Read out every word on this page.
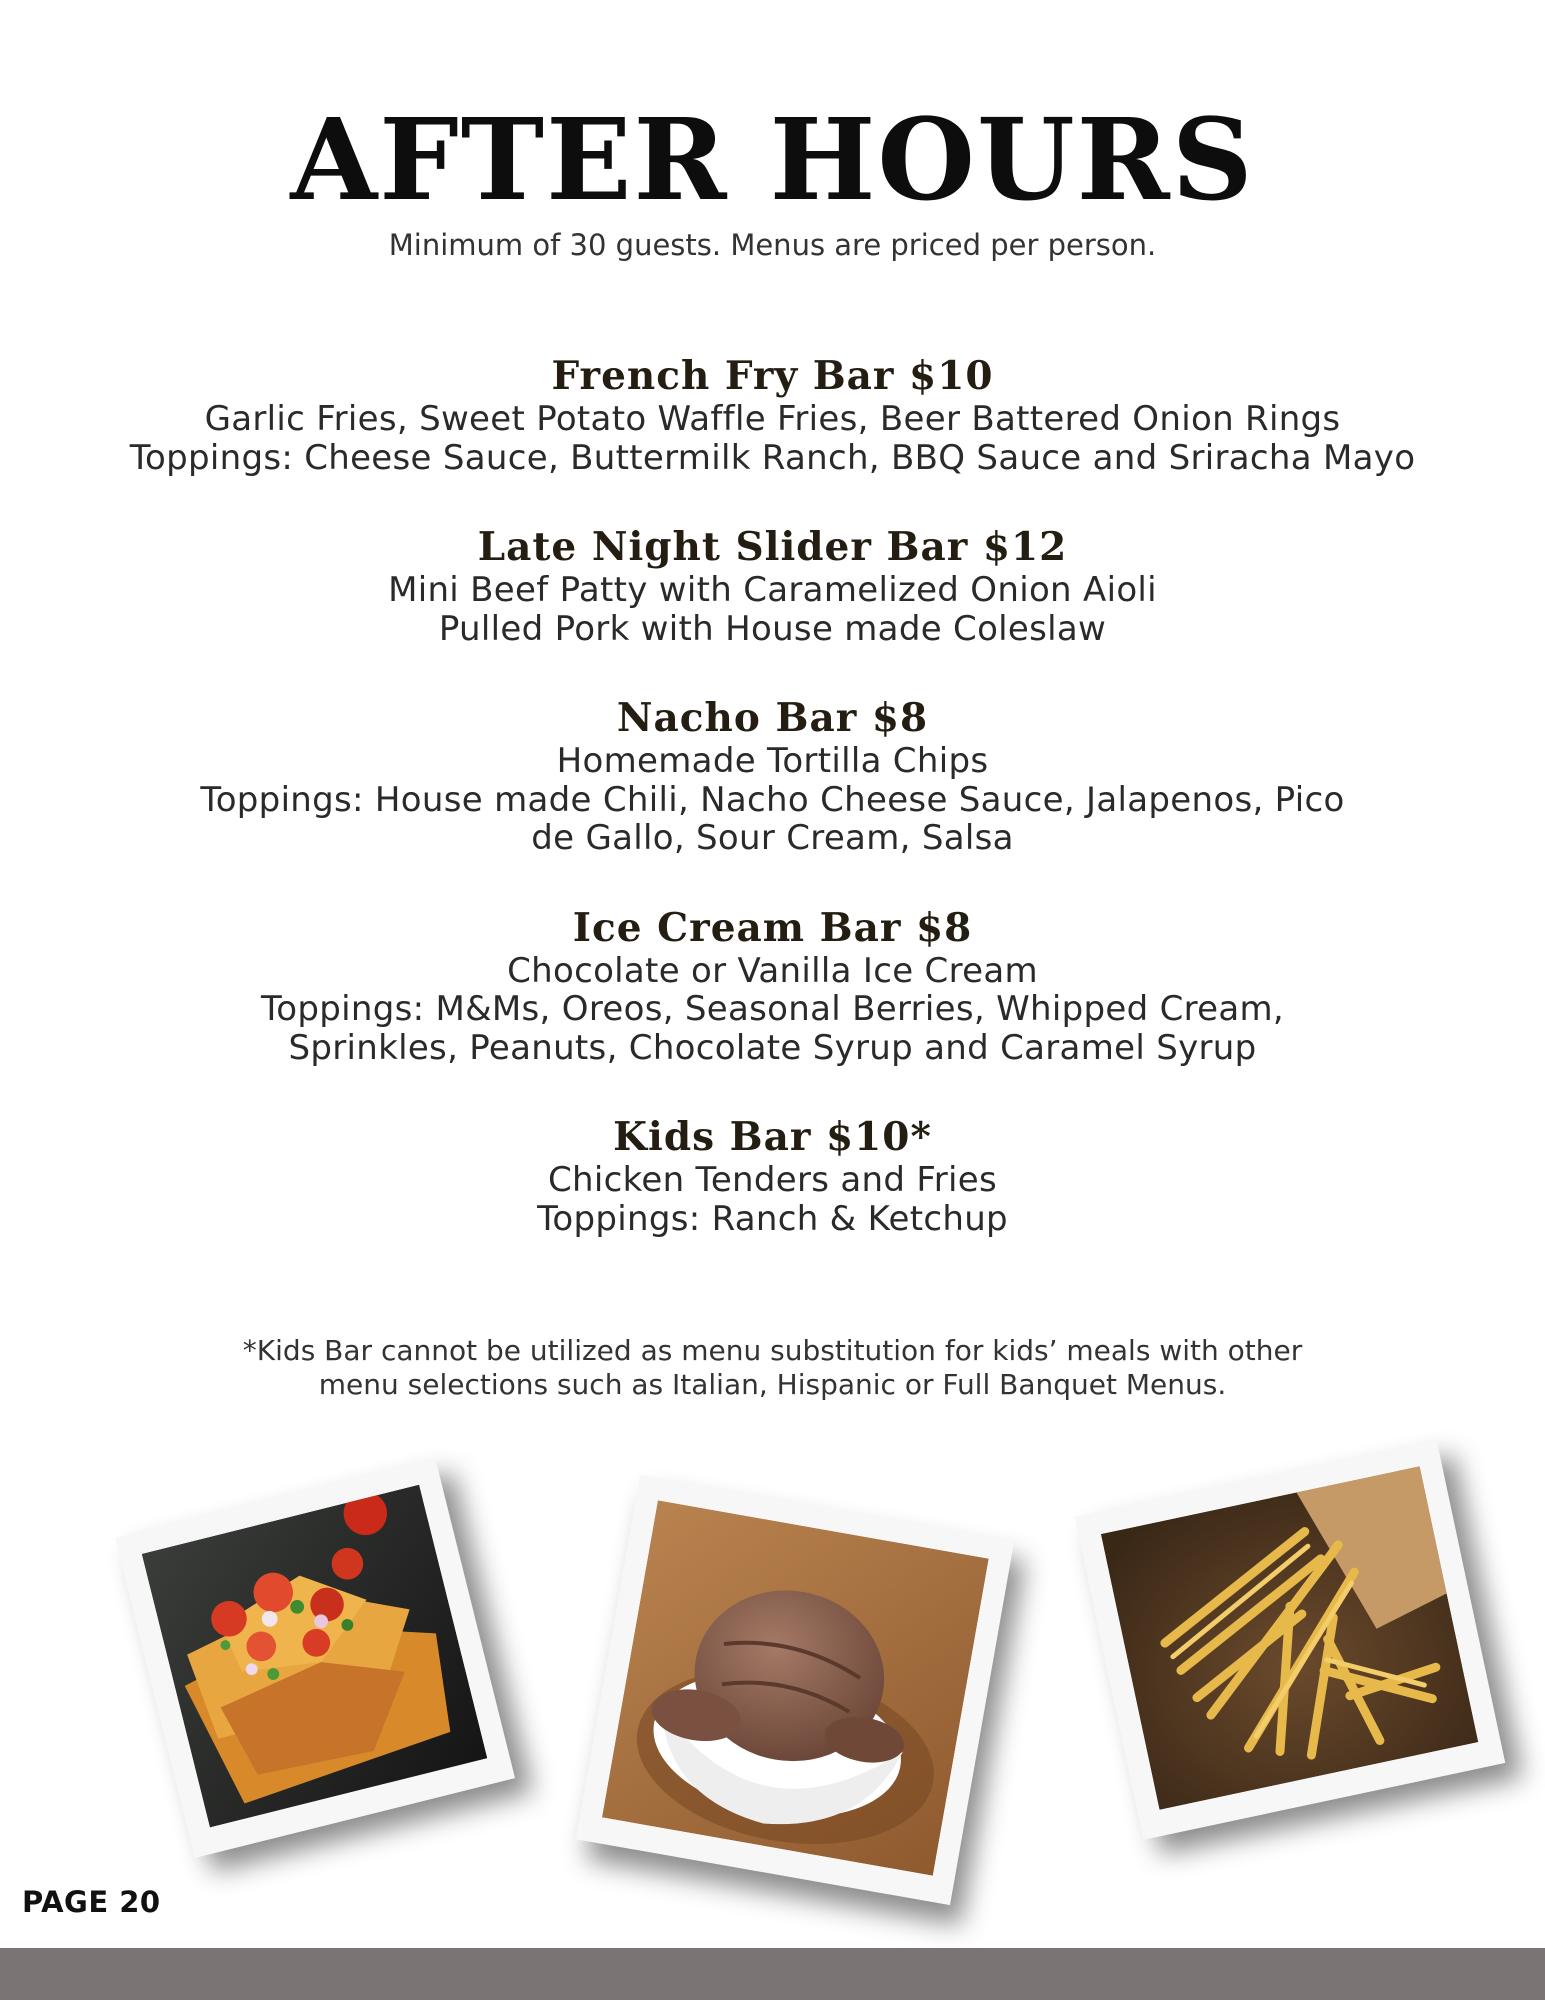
AFTER HOURS
Minimum of 30 guests. Menus are priced per person.
French Fry Bar $10
Garlic Fries, Sweet Potato Waffle Fries, Beer Battered Onion Rings
Toppings: Cheese Sauce, Buttermilk Ranch, BBQ Sauce and Sriracha Mayo
Late Night Slider Bar $12
Mini Beef Patty with Caramelized Onion Aioli
Pulled Pork with House made Coleslaw
Nacho Bar $8
Homemade Tortilla Chips
Toppings: House made Chili, Nacho Cheese Sauce, Jalapenos, Pico
de Gallo, Sour Cream, Salsa
Ice Cream Bar $8
Chocolate or Vanilla Ice Cream
Toppings: M&Ms, Oreos, Seasonal Berries, Whipped Cream,
Sprinkles, Peanuts, Chocolate Syrup and Caramel Syrup
Kids Bar $10*
Chicken Tenders and Fries
Toppings: Ranch & Ketchup
*Kids Bar cannot be utilized as menu substitution for kids’ meals with other
menu selections such as Italian, Hispanic or Full Banquet Menus.
PAGE 20
